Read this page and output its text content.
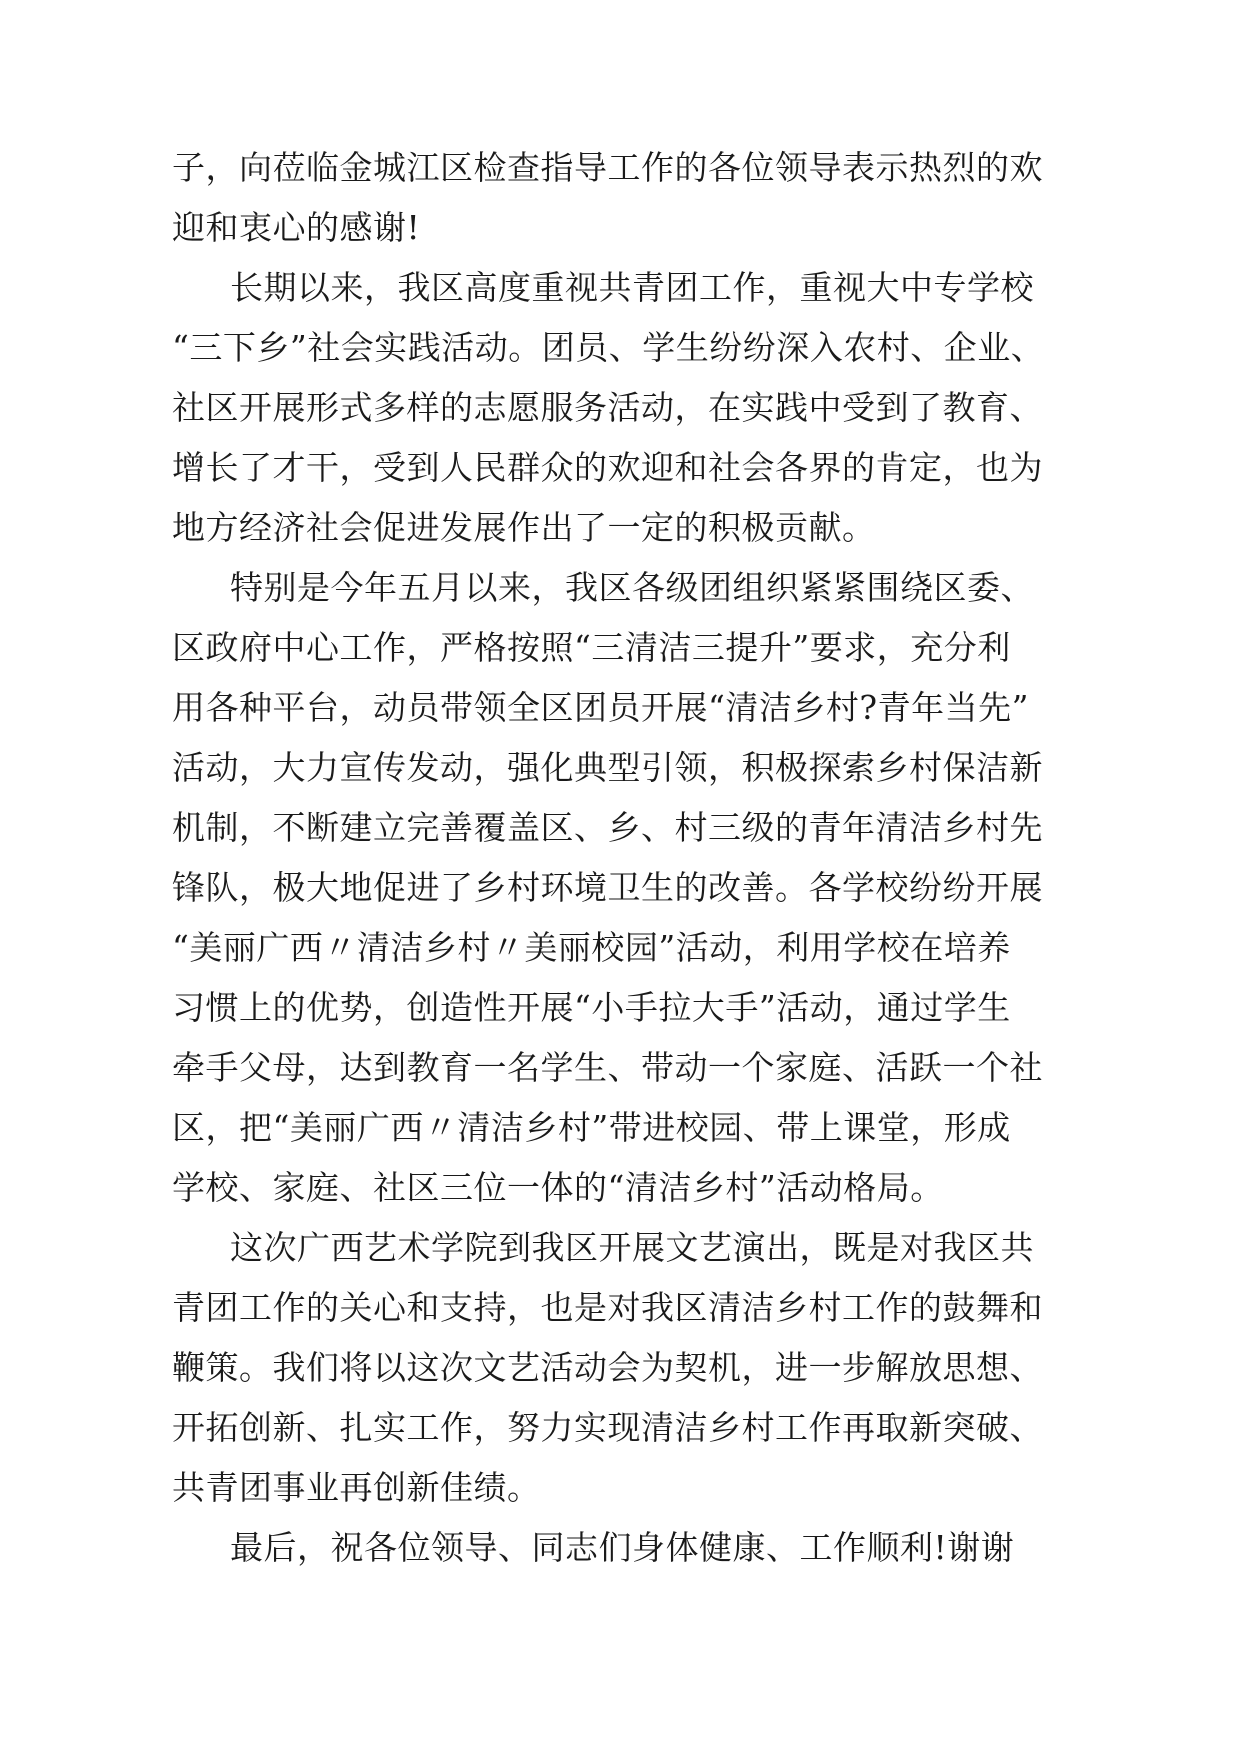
子，向莅临金城江区检查指导工作的各位领导表示热烈的欢
迎和衷心的感谢!
长期以来，我区高度重视共青团工作，重视大中专学校
“三下乡”社会实践活动。团员、学生纷纷深入农村、企业、
社区开展形式多样的志愿服务活动，在实践中受到了教育、
增长了才干，受到人民群众的欢迎和社会各界的肯定，也为
地方经济社会促进发展作出了一定的积极贡献。
特别是今年五月以来，我区各级团组织紧紧围绕区委、
区政府中心工作，严格按照“三清洁三提升”要求，充分利
用各种平台，动员带领全区团员开展“清洁乡村?青年当先”
活动，大力宣传发动，强化典型引领，积极探索乡村保洁新
机制，不断建立完善覆盖区、乡、村三级的青年清洁乡村先
锋队，极大地促进了乡村环境卫生的改善。各学校纷纷开展
“美丽广西〃清洁乡村〃美丽校园”活动，利用学校在培养
习惯上的优势，创造性开展“小手拉大手”活动，通过学生
牵手父母，达到教育一名学生、带动一个家庭、活跃一个社
区，把“美丽广西〃清洁乡村”带进校园、带上课堂，形成
学校、家庭、社区三位一体的“清洁乡村”活动格局。
这次广西艺术学院到我区开展文艺演出，既是对我区共
青团工作的关心和支持，也是对我区清洁乡村工作的鼓舞和
鞭策。我们将以这次文艺活动会为契机，进一步解放思想、
开拓创新、扎实工作，努力实现清洁乡村工作再取新突破、
共青团事业再创新佳绩。
最后，祝各位领导、同志们身体健康、工作顺利!谢谢
